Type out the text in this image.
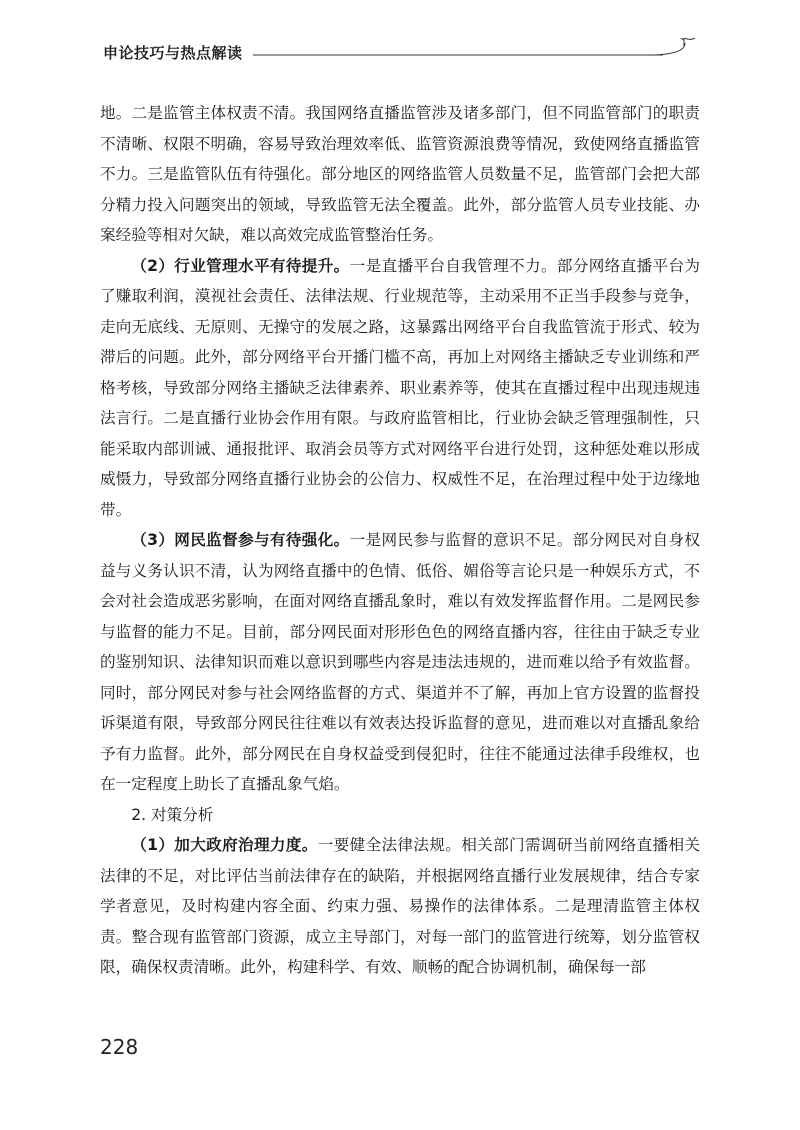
申论技巧与热点解读

地。二是监管主体权责不清。我国网络直播监管涉及诸多部门，但不同监管部门的职责不清晰、权限不明确，容易导致治理效率低、监管资源浪费等情况，致使网络直播监管不力。三是监管队伍有待强化。部分地区的网络监管人员数量不足，监管部门会把大部分精力投入问题突出的领域，导致监管无法全覆盖。此外，部分监管人员专业技能、办案经验等相对欠缺，难以高效完成监管整治任务。

（2）行业管理水平有待提升。一是直播平台自我管理不力。部分网络直播平台为了赚取利润，漠视社会责任、法律法规、行业规范等，主动采用不正当手段参与竞争，走向无底线、无原则、无操守的发展之路，这暴露出网络平台自我监管流于形式、较为滞后的问题。此外，部分网络平台开播门槛不高，再加上对网络主播缺乏专业训练和严格考核，导致部分网络主播缺乏法律素养、职业素养等，使其在直播过程中出现违规违法言行。二是直播行业协会作用有限。与政府监管相比，行业协会缺乏管理强制性，只能采取内部训诫、通报批评、取消会员等方式对网络平台进行处罚，这种惩处难以形成威慑力，导致部分网络直播行业协会的公信力、权威性不足，在治理过程中处于边缘地带。

（3）网民监督参与有待强化。一是网民参与监督的意识不足。部分网民对自身权益与义务认识不清，认为网络直播中的色情、低俗、媚俗等言论只是一种娱乐方式，不会对社会造成恶劣影响，在面对网络直播乱象时，难以有效发挥监督作用。二是网民参与监督的能力不足。目前，部分网民面对形形色色的网络直播内容，往往由于缺乏专业的鉴别知识、法律知识而难以意识到哪些内容是违法违规的，进而难以给予有效监督。同时，部分网民对参与社会网络监督的方式、渠道并不了解，再加上官方设置的监督投诉渠道有限，导致部分网民往往难以有效表达投诉监督的意见，进而难以对直播乱象给予有力监督。此外，部分网民在自身权益受到侵犯时，往往不能通过法律手段维权，也在一定程度上助长了直播乱象气焰。

2. 对策分析

（1）加大政府治理力度。一要健全法律法规。相关部门需调研当前网络直播相关法律的不足，对比评估当前法律存在的缺陷，并根据网络直播行业发展规律，结合专家学者意见，及时构建内容全面、约束力强、易操作的法律体系。二是理清监管主体权责。整合现有监管部门资源，成立主导部门，对每一部门的监管进行统筹，划分监管权限，确保权责清晰。此外，构建科学、有效、顺畅的配合协调机制，确保每一部

228
